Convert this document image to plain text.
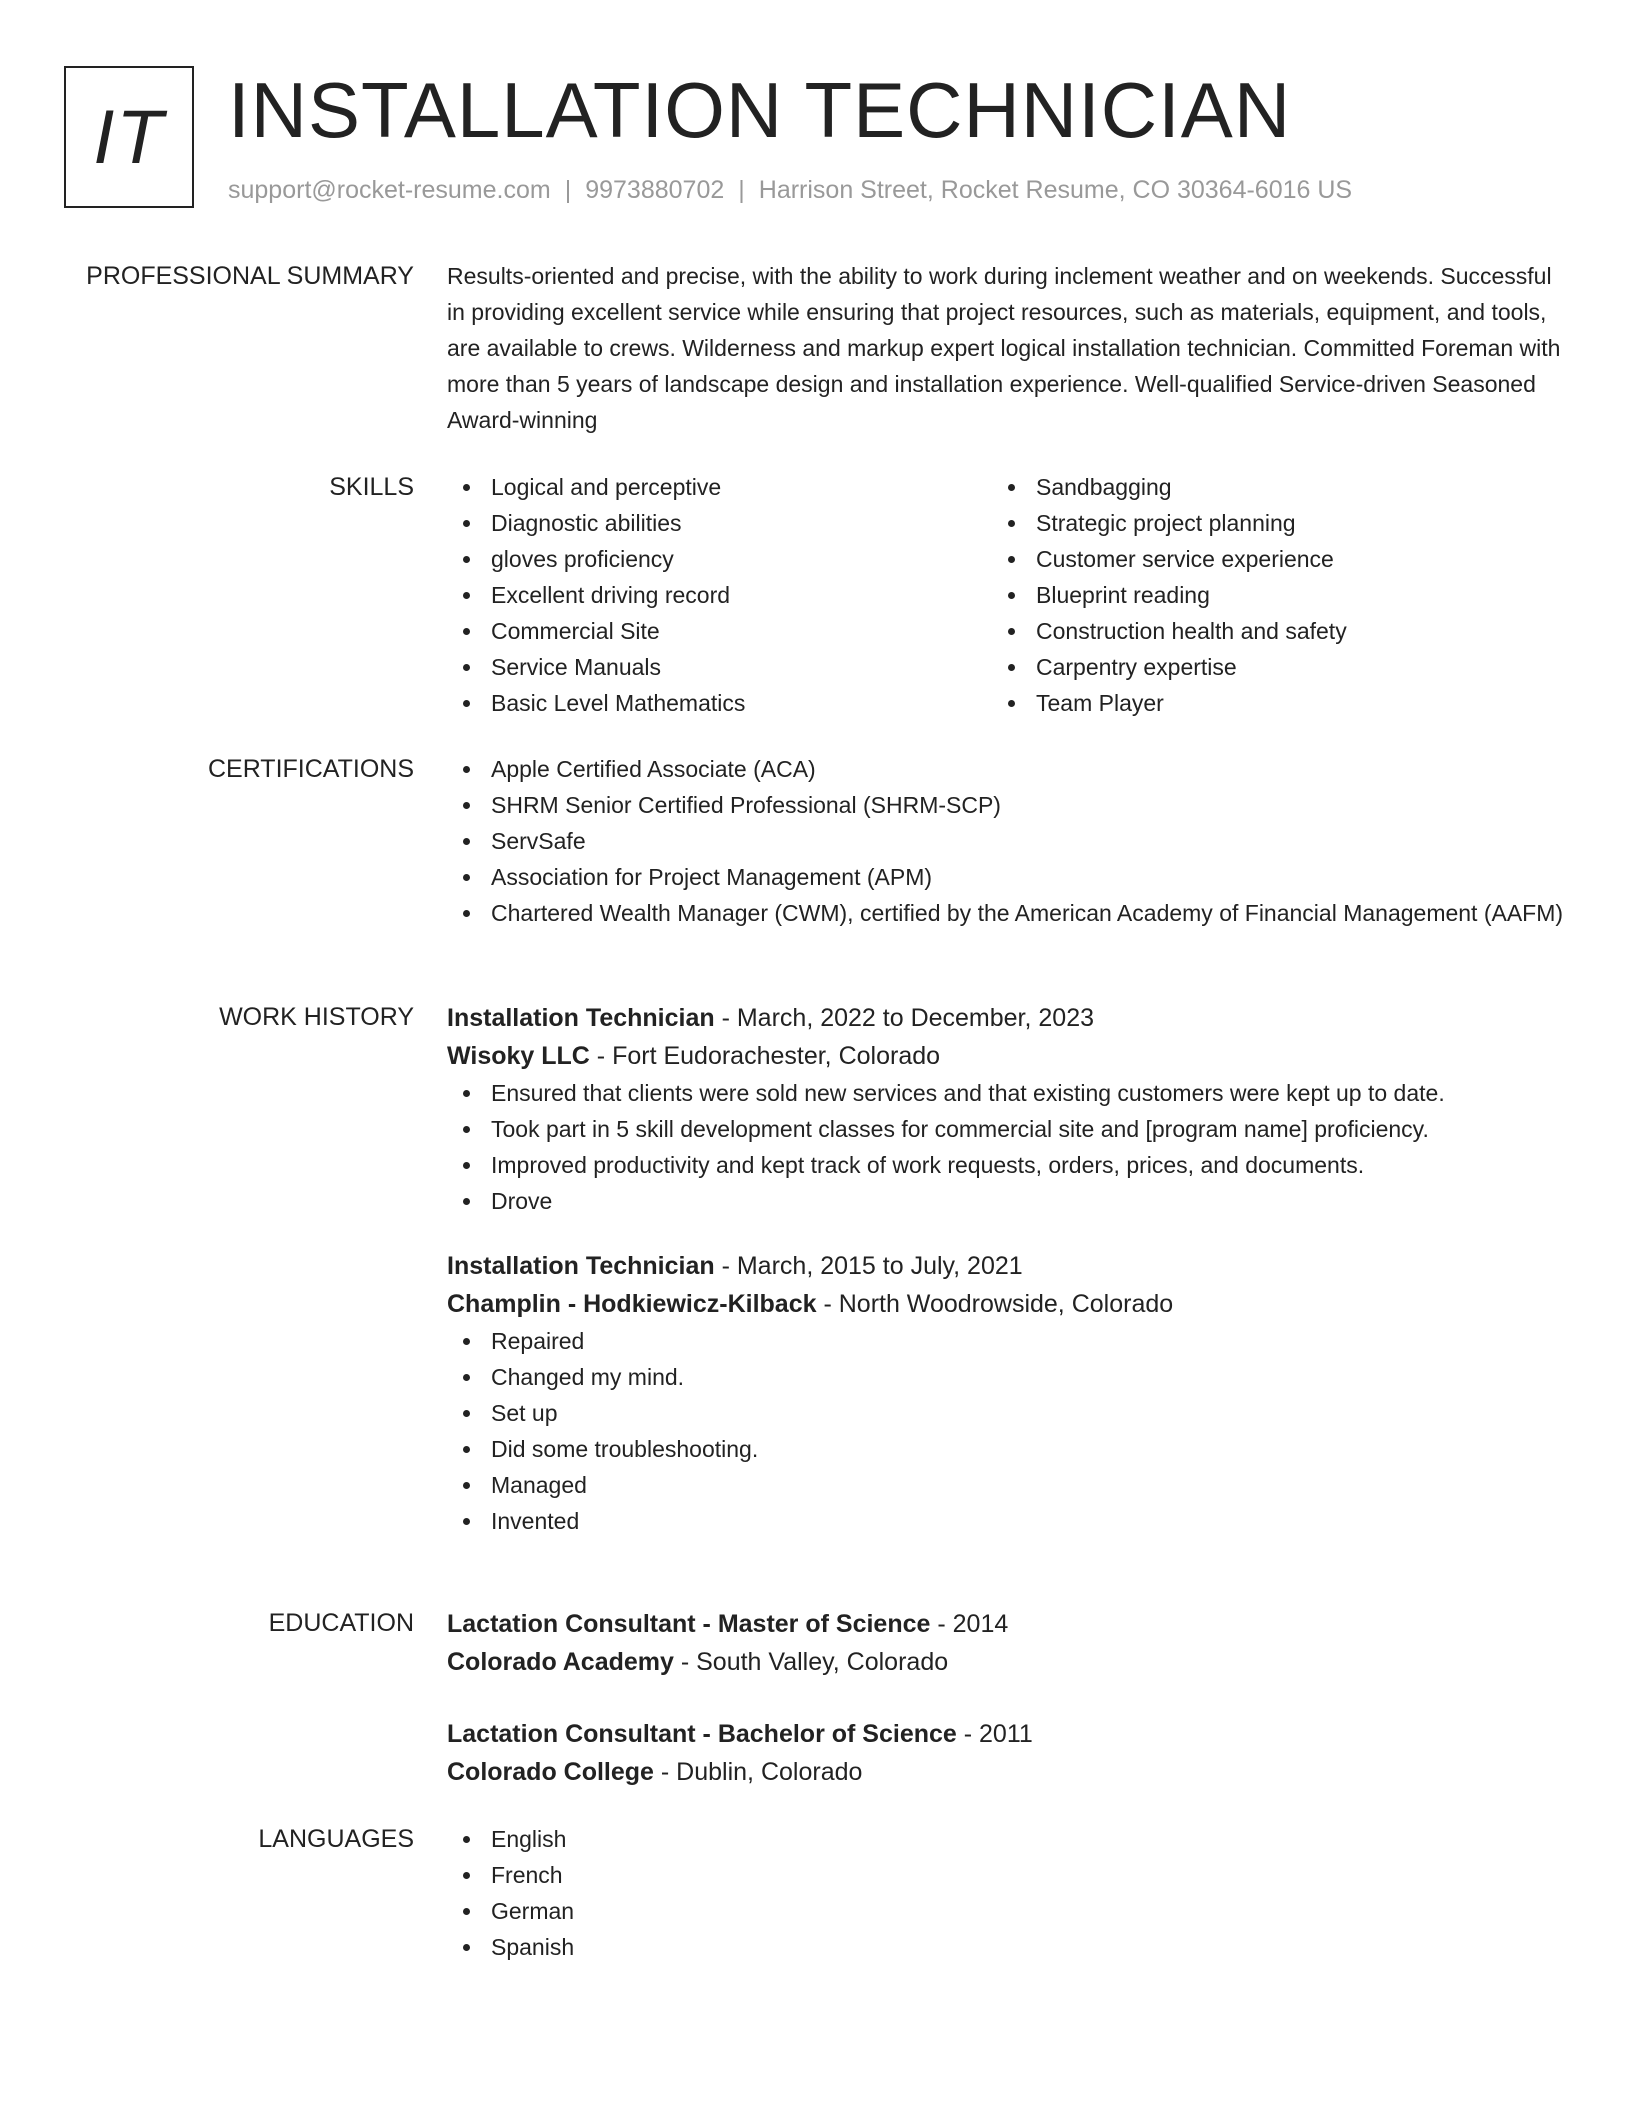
IT INSTALLATION TECHNICIAN
support@rocket-resume.com | 9973880702 | Harrison Street, Rocket Resume, CO 30364-6016 US
PROFESSIONAL SUMMARY Results-oriented and precise, with the ability to work during inclement weather and on weekends. Successful in providing excellent service while ensuring that project resources, such as materials, equipment, and tools, are available to crews. Wilderness and markup expert logical installation technician. Committed Foreman with more than 5 years of landscape design and installation experience. Well-qualified Service-driven Seasoned Award-winning

SKILLS	Logical and perceptive
Diagnostic abilities
gloves proficiency
Excellent driving record
Commercial Site
Service Manuals
Basic Level Mathematics
Sandbagging
Strategic project planning
Customer service experience
Blueprint reading
Construction health and safety
Carpentry expertise
Team Player
CERTIFICATIONS	Apple Certified Associate (ACA)
SHRM Senior Certified Professional (SHRM-SCP)
ServSafe
Association for Project Management (APM)
Chartered Wealth Manager (CWM), certified by the American Academy of Financial Management (AAFM)
WORK HISTORY Installation Technician - March, 2022 to December, 2023
Wisoky LLC - Fort Eudorachester, Colorado
Ensured that clients were sold new services and that existing customers were kept up to date.
Took part in 5 skill development classes for commercial site and [program name] proficiency.
Improved productivity and kept track of work requests, orders, prices, and documents.
Drove
Installation Technician - March, 2015 to July, 2021
Champlin - Hodkiewicz-Kilback - North Woodrowside, Colorado
Repaired
Changed my mind.
Set up
Did some troubleshooting.
Managed
Invented
EDUCATION Lactation Consultant - Master of Science - 2014
Colorado Academy - South Valley, Colorado
Lactation Consultant - Bachelor of Science - 2011
Colorado College - Dublin, Colorado
LANGUAGES	English
French
German
Spanish
